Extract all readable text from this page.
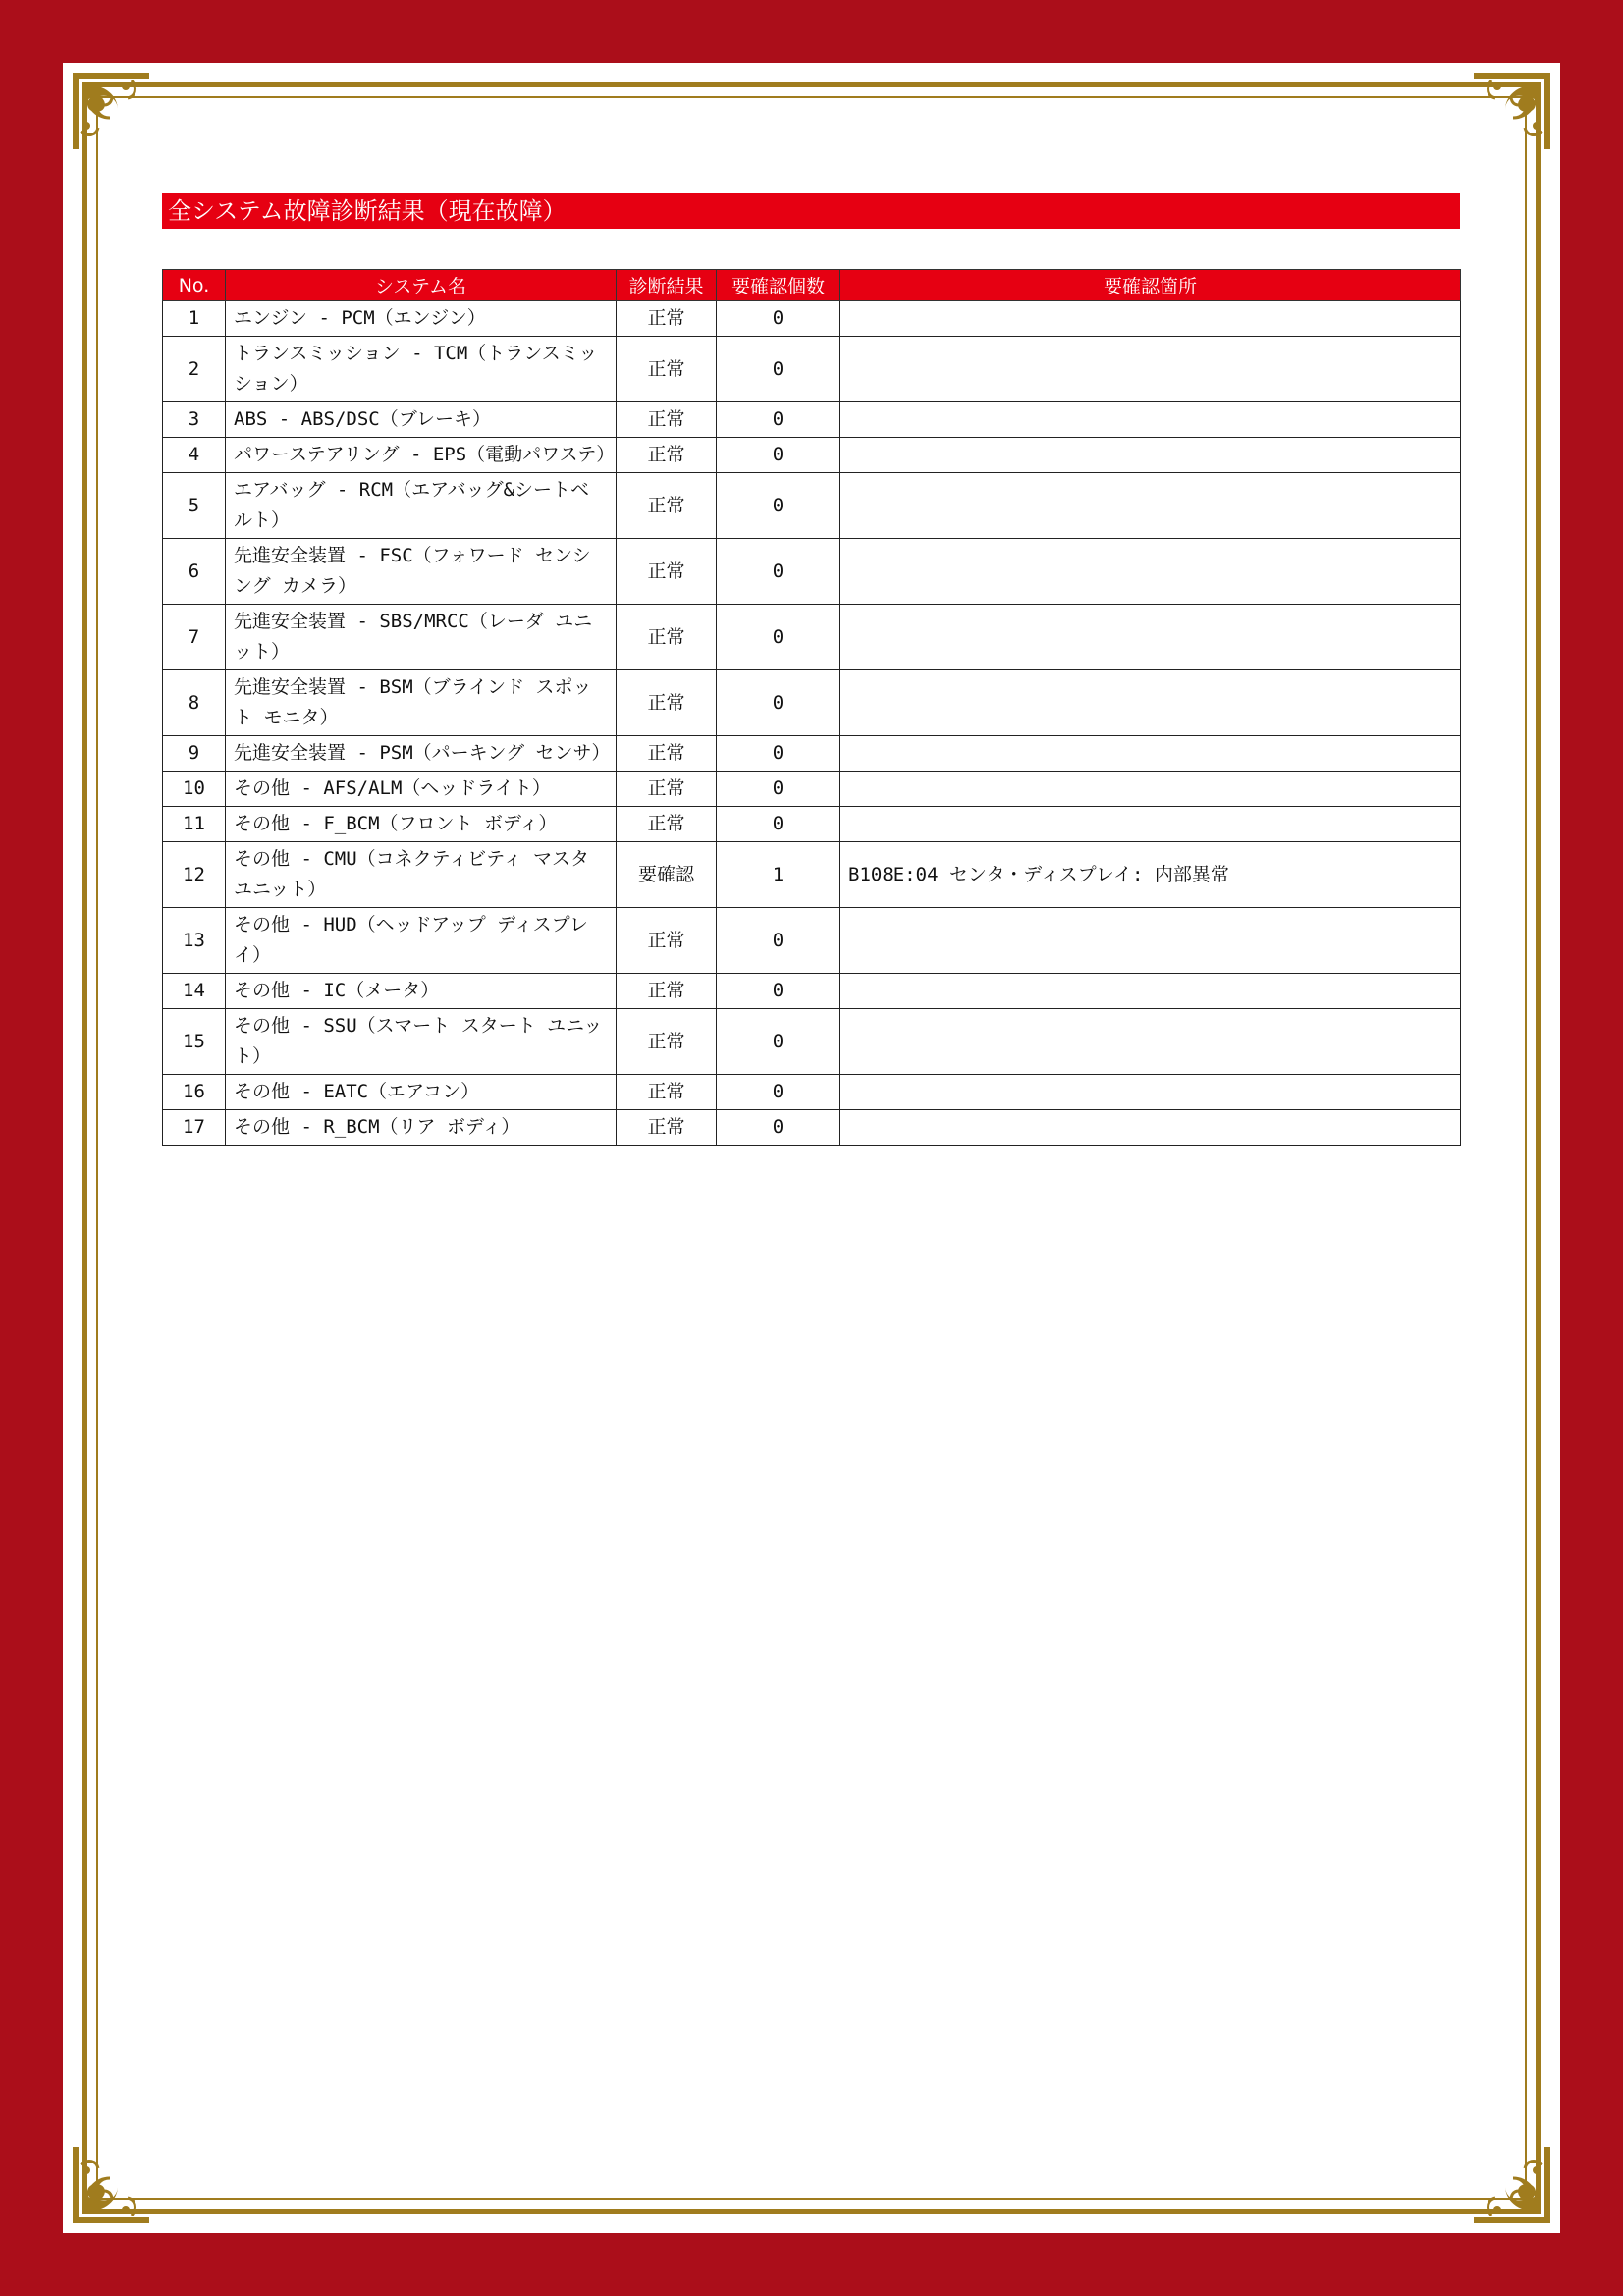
全システム故障診断結果（現在故障）
No.	システム名	診断結果	要確認個数	要確認箇所
1	エンジン - PCM（エンジン）	正常	0	
2	トランスミッション - TCM（トランスミッション）	正常	0	
3	ABS - ABS/DSC（ブレーキ）	正常	0	
4	パワーステアリング - EPS（電動パワステ）	正常	0	
5	エアバッグ - RCM（エアバッグ&シートベルト）	正常	0	
6	先進安全装置 - FSC（フォワード センシング カメラ）	正常	0	
7	先進安全装置 - SBS/MRCC（レーダ ユニット）	正常	0	
8	先進安全装置 - BSM（ブラインド スポット モニタ）	正常	0	
9	先進安全装置 - PSM（パーキング センサ）	正常	0	
10	その他 - AFS/ALM（ヘッドライト）	正常	0	
11	その他 - F_BCM（フロント ボディ）	正常	0	
12	その他 - CMU（コネクティビティ マスタ ユニット）	要確認	1	B108E:04 センタ・ディスプレイ: 内部異常
13	その他 - HUD（ヘッドアップ ディスプレイ）	正常	0	
14	その他 - IC（メータ）	正常	0	
15	その他 - SSU（スマート スタート ユニット）	正常	0	
16	その他 - EATC（エアコン）	正常	0	
17	その他 - R_BCM（リア ボディ）	正常	0	
